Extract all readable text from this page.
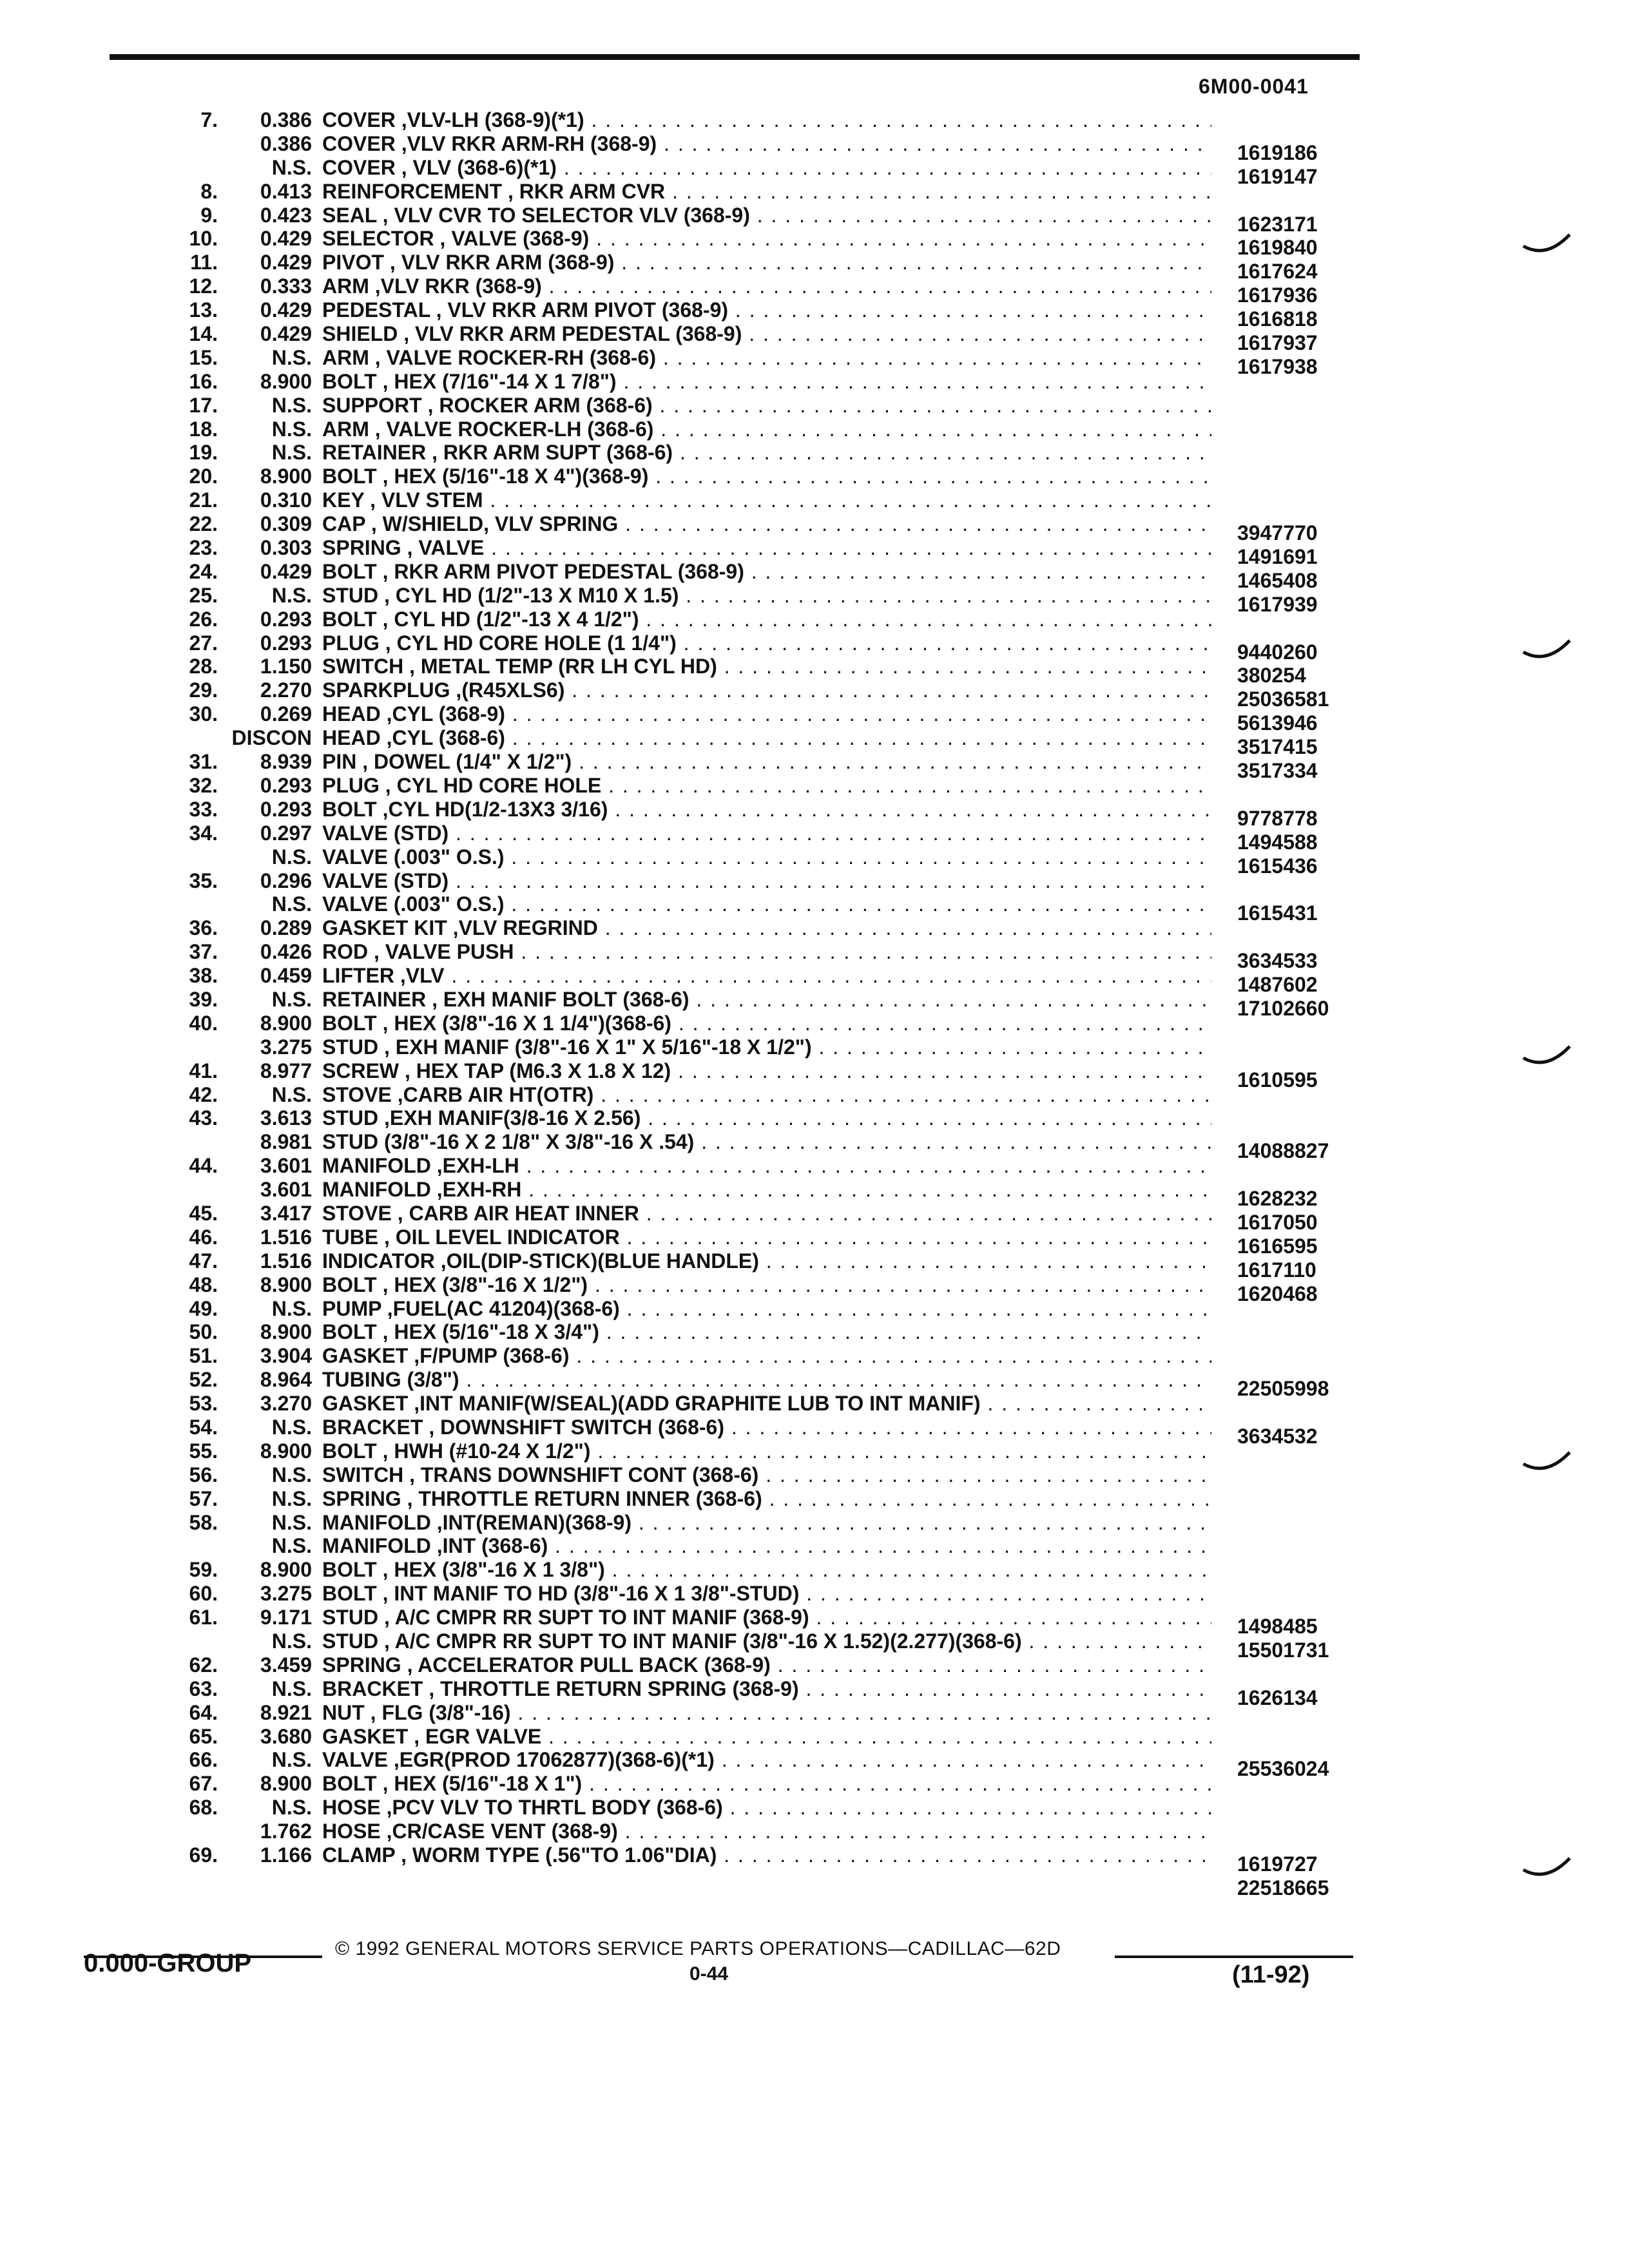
6M00-0041
7.	0.386 COVER ,VLV-LH (368-9)(*1) . . .
0.386 COVER ,VLV RKR ARM-RH (368-9) . . .	1619186
N.S. COVER , VLV (368-6)(*1) . . .	1619147
8.	0.413 REINFORCEMENT , RKR ARM CVR . . .
9.	0.423 SEAL , VLV CVR TO SELECTOR VLV (368-9) . . .	1623171
10.	0.429 SELECTOR , VALVE (368-9) . . .	1619840
11.	0.429 PIVOT , VLV RKR ARM (368-9) . . .	1617624
12.	0.333 ARM ,VLV RKR (368-9) . . .	1617936
13.	0.429 PEDESTAL , VLV RKR ARM PIVOT (368-9) . . .	1616818
14.	0.429 SHIELD , VLV RKR ARM PEDESTAL (368-9) . . .	1617937
15.	N.S. ARM , VALVE ROCKER-RH (368-6) . . .	1617938
16.	8.900 BOLT , HEX (7/16"-14 X 1 7/8") . . .
17.	N.S. SUPPORT , ROCKER ARM (368-6) . . .
18.	N.S. ARM , VALVE ROCKER-LH (368-6) . . .
19.	N.S. RETAINER , RKR ARM SUPT (368-6) . . .
20.	8.900 BOLT , HEX (5/16"-18 X 4")(368-9) . . .
21.	0.310 KEY , VLV STEM . . .
22.	0.309 CAP , W/SHIELD, VLV SPRING . . .	3947770
23.	0.303 SPRING , VALVE . . .	1491691
24.	0.429 BOLT , RKR ARM PIVOT PEDESTAL (368-9) . . .	1465408
25.	N.S. STUD , CYL HD (1/2"-13 X M10 X 1.5) . . .	1617939
26.	0.293 BOLT , CYL HD (1/2"-13 X 4 1/2") . . .
27.	0.293 PLUG , CYL HD CORE HOLE (1 1/4") . . .	9440260
28.	1.150 SWITCH , METAL TEMP (RR LH CYL HD) . . .	380254
29.	2.270 SPARKPLUG ,(R45XLS6) . . .	25036581
30.	0.269 HEAD ,CYL (368-9) . . .	5613946
DISCON HEAD ,CYL (368-6) . . .	3517415
31.	8.939 PIN , DOWEL (1/4" X 1/2") . . .	3517334
32.	0.293 PLUG , CYL HD CORE HOLE . . .
33.	0.293 BOLT ,CYL HD(1/2-13X3 3/16) . . .	9778778
34.	0.297 VALVE (STD) . . .	1494588
N.S. VALVE (.003" O.S.) . . .	1615436
35.	0.296 VALVE (STD) . . .
N.S. VALVE (.003" O.S.) . . .	1615431
36.	0.289 GASKET KIT ,VLV REGRIND . . .
37.	0.426 ROD , VALVE PUSH . . .	3634533
38.	0.459 LIFTER ,VLV . . .	1487602
39.	N.S. RETAINER , EXH MANIF BOLT (368-6) . . .	17102660
40.	8.900 BOLT , HEX (3/8"-16 X 1 1/4")(368-6) . . .
3.275 STUD , EXH MANIF (3/8"-16 X 1" X 5/16"-18 X 1/2") . . .
41.	8.977 SCREW , HEX TAP (M6.3 X 1.8 X 12) . . .	1610595
42.	N.S. STOVE ,CARB AIR HT(OTR) . . .
43.	3.613 STUD ,EXH MANIF(3/8-16 X 2.56) . . .
8.981 STUD (3/8"-16 X 2 1/8" X 3/8"-16 X .54) . . .	14088827
44.	3.601 MANIFOLD ,EXH-LH . . .
3.601 MANIFOLD ,EXH-RH . . .	1628232
45.	3.417 STOVE , CARB AIR HEAT INNER . . .	1617050
46.	1.516 TUBE , OIL LEVEL INDICATOR . . .	1616595
47.	1.516 INDICATOR ,OIL(DIP-STICK)(BLUE HANDLE) . . .	1617110
48.	8.900 BOLT , HEX (3/8"-16 X 1/2") . . .	1620468
49.	N.S. PUMP ,FUEL(AC 41204)(368-6) . . .
50.	8.900 BOLT , HEX (5/16"-18 X 3/4") . . .
51.	3.904 GASKET ,F/PUMP (368-6) . . .
52.	8.964 TUBING (3/8") . . .	22505998
53.	3.270 GASKET ,INT MANIF(W/SEAL)(ADD GRAPHITE LUB TO INT MANIF) . . .
54.	N.S. BRACKET , DOWNSHIFT SWITCH (368-6) . . .	3634532
55.	8.900 BOLT , HWH (#10-24 X 1/2") . . .
56.	N.S. SWITCH , TRANS DOWNSHIFT CONT (368-6) . . .
57.	N.S. SPRING , THROTTLE RETURN INNER (368-6) . . .
58.	N.S. MANIFOLD ,INT(REMAN)(368-9) . . .
N.S. MANIFOLD ,INT (368-6) . . .
59.	8.900 BOLT , HEX (3/8"-16 X 1 3/8") . . .
60.	3.275 BOLT , INT MANIF TO HD (3/8"-16 X 1 3/8"-STUD) . . .
61.	9.171 STUD , A/C CMPR RR SUPT TO INT MANIF (368-9) . . .	1498485
N.S. STUD , A/C CMPR RR SUPT TO INT MANIF (3/8"-16 X 1.52)(2.277)(368-6) . . .	15501731
62.	3.459 SPRING , ACCELERATOR PULL BACK (368-9) . . .
63.	N.S. BRACKET , THROTTLE RETURN SPRING (368-9) . . .	1626134
64.	8.921 NUT , FLG (3/8"-16) . . .
65.	3.680 GASKET , EGR VALVE . . .
66.	N.S. VALVE ,EGR(PROD 17062877)(368-6)(*1) . . .	25536024
67.	8.900 BOLT , HEX (5/16"-18 X 1") . . .
68.	N.S. HOSE ,PCV VLV TO THRTL BODY (368-6) . . .
1.762 HOSE ,CR/CASE VENT (368-9) . . .
69.	1.166 CLAMP , WORM TYPE (.56"TO 1.06"DIA) . . .	1619727
22518665
0.000-GROUP
© 1992 GENERAL MOTORS SERVICE PARTS OPERATIONS—CADILLAC—62D
0-44	(11-92)
